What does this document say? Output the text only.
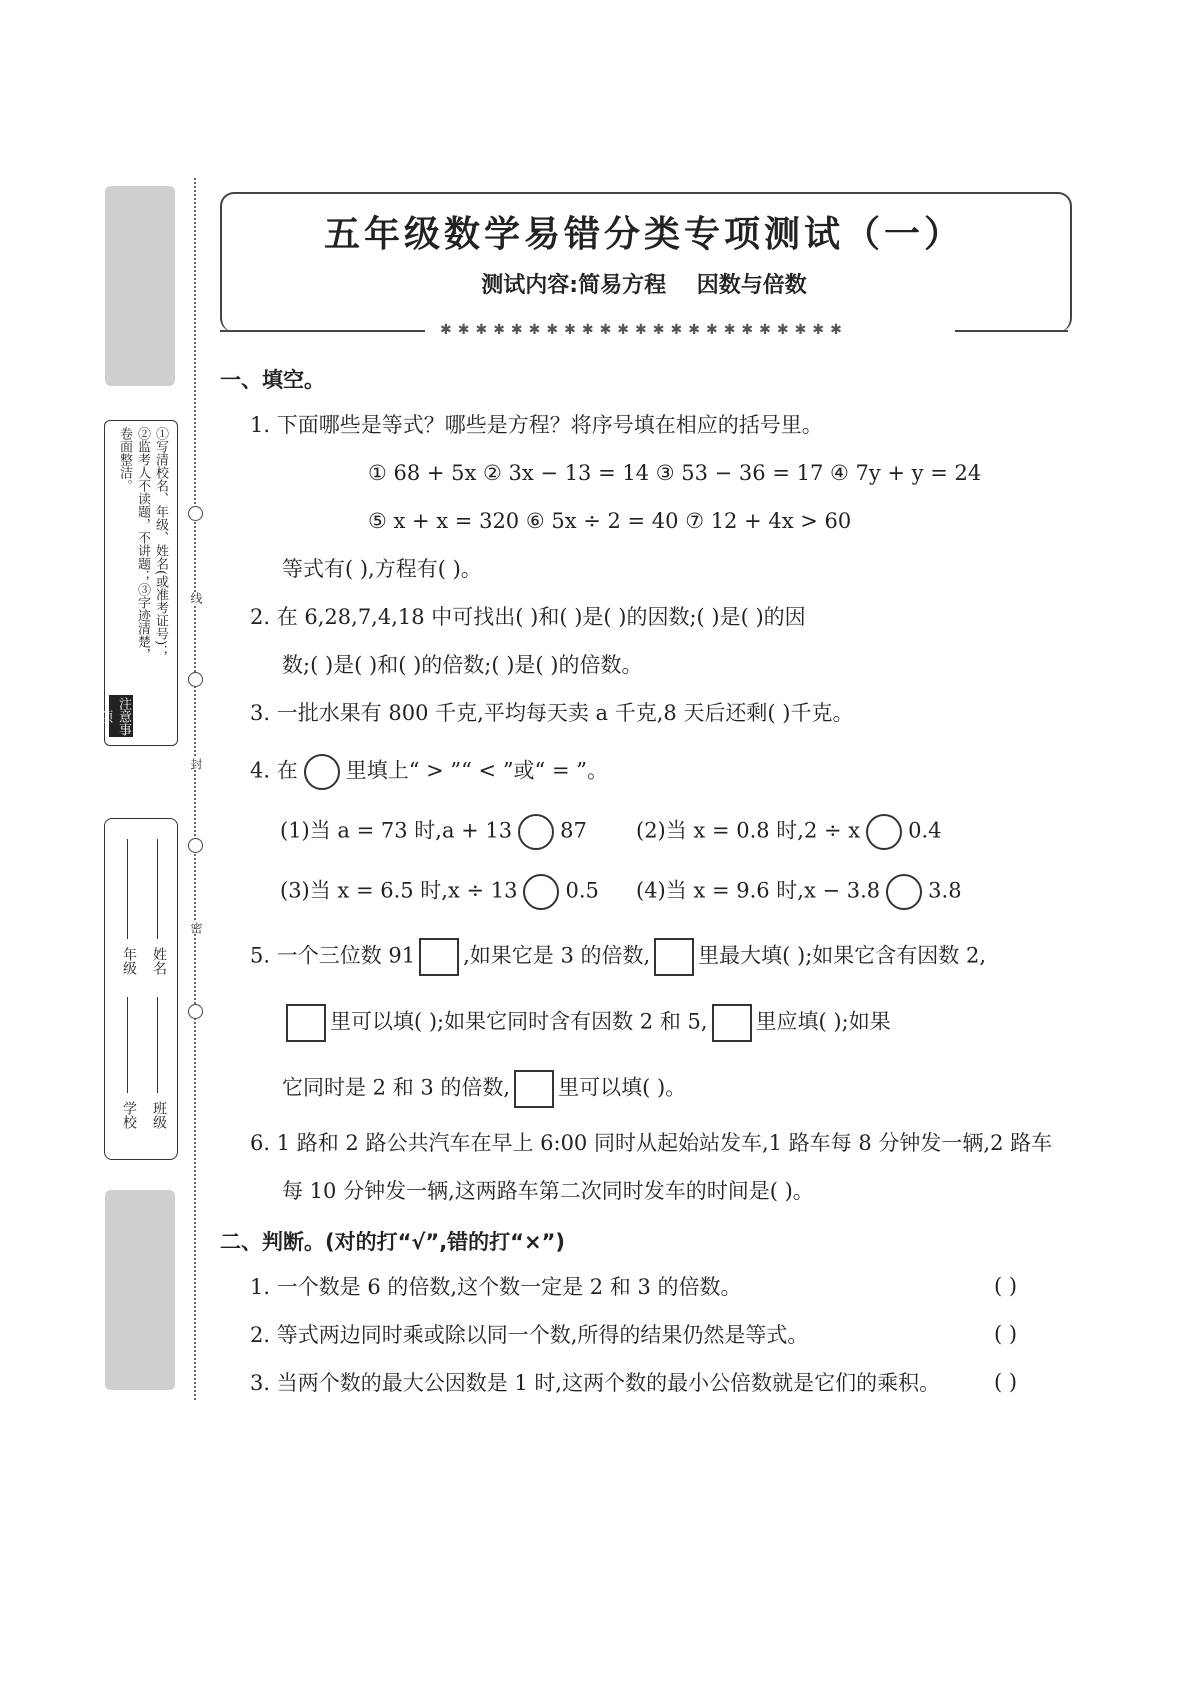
①写清校名、年级、姓名(或准考证号)；②监考人不读题，不讲题；③字迹清楚，卷面整洁。
注意事项
学校
年级
班级
姓名
线
封
密
五年级数学易错分类专项测试（一）
测试内容:简易方程    因数与倍数
✱✱✱✱✱✱✱✱✱✱✱✱✱✱✱✱✱✱✱✱✱✱✱
一、填空。
1. 下面哪些是等式？哪些是方程？将序号填在相应的括号里。
① 68 + 5x ② 3x − 13 = 14 ③ 53 − 36 = 17 ④ 7y + y = 24
⑤ x + x = 320 ⑥ 5x ÷ 2 = 40 ⑦ 12 + 4x > 60
等式有( ),方程有( )。
2. 在 6,28,7,4,18 中可找出( )和( )是( )的因数;( )是( )的因
数;( )是( )和( )的倍数;( )是( )的倍数。
3. 一批水果有 800 千克,平均每天卖 a 千克,8 天后还剩( )千克。
4. 在 里填上“ > ”“ < ”或“ = ”。
(1)当 a = 73 时,a + 13 87 (2)当 x = 0.8 时,2 ÷ x 0.4
(3)当 x = 6.5 时,x ÷ 13 0.5 (4)当 x = 9.6 时,x − 3.8 3.8
5. 一个三位数 91 ,如果它是 3 的倍数, 里最大填( );如果它含有因数 2,
里可以填( );如果它同时含有因数 2 和 5, 里应填( );如果
它同时是 2 和 3 的倍数, 里可以填( )。
6. 1 路和 2 路公共汽车在早上 6:00 同时从起始站发车,1 路车每 8 分钟发一辆,2 路车
每 10 分钟发一辆,这两路车第二次同时发车的时间是( )。
二、判断。(对的打“√”,错的打“×”)
1. 一个数是 6 的倍数,这个数一定是 2 和 3 的倍数。	( )
2. 等式两边同时乘或除以同一个数,所得的结果仍然是等式。	( )
3. 当两个数的最大公因数是 1 时,这两个数的最小公倍数就是它们的乘积。	( )
